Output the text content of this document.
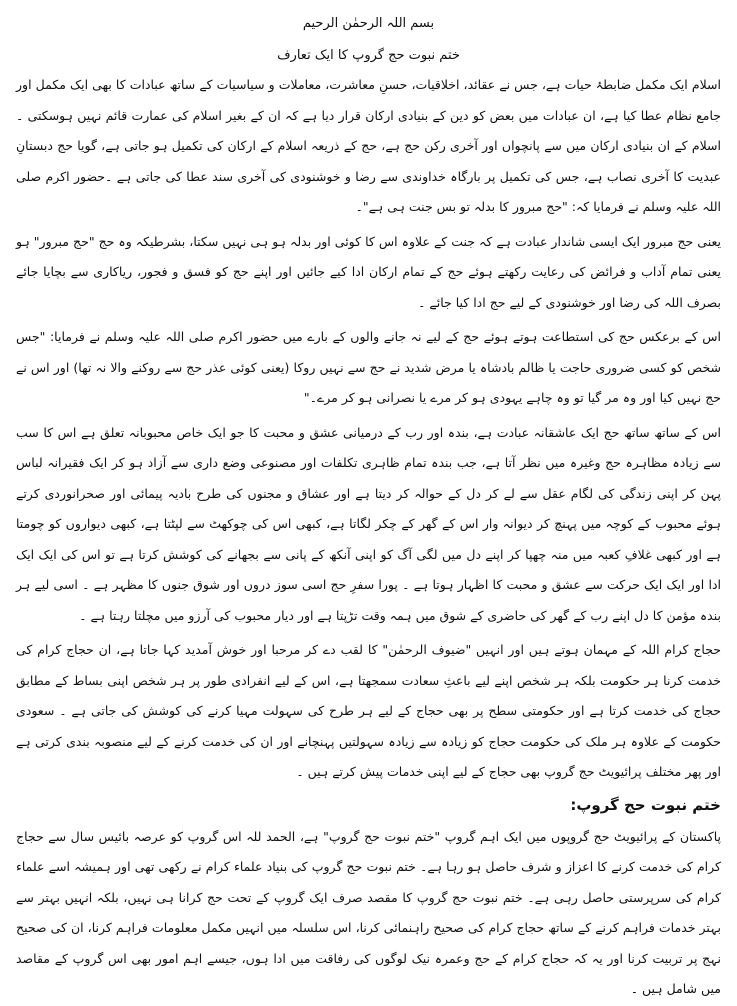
بسم اللہ الرحمٰن الرحیم
ختم نبوت حج گروپ کا ایک تعارف

اسلام ایک مکمل ضابطۂ حیات ہے، جس نے عقائد، اخلاقیات، حسنِ معاشرت، معاملات و سیاسیات کے ساتھ عبادات کا بھی ایک مکمل اور جامع نظام عطا کیا ہے، ان عبادات میں بعض کو دین کے بنیادی ارکان قرار دیا ہے کہ ان کے بغیر اسلام کی عمارت قائم نہیں ہوسکتی ۔ اسلام کے ان بنیادی ارکان میں سے پانچواں اور آخری رکن حج ہے، حج کے ذریعہ اسلام کے ارکان کی تکمیل ہو جاتی ہے، گویا حج دبستانِ عبدیت کا آخری نصاب ہے، جس کی تکمیل پر بارگاہ خداوندی سے رضا و خوشنودی کی آخری سند عطا کی جاتی ہے ۔حضور اکرم صلی اللہ علیہ وسلم نے فرمایا کہ: "حج مبرور کا بدلہ تو بس جنت ہی ہے"۔

یعنی حج مبرور ایک ایسی شاندار عبادت ہے کہ جنت کے علاوہ اس کا کوئی اور بدلہ ہو ہی نہیں سکتا، بشرطیکہ وہ حج "حج مبرور" ہو یعنی تمام آداب و فرائض کی رعایت رکھتے ہوئے حج کے تمام ارکان ادا کیے جائیں اور اپنے حج کو فسق و فجور، ریاکاری سے بچایا جائے بصرف اللہ کی رضا اور خوشنودی کے لیے حج ادا کیا جائے ۔

اس کے برعکس حج کی استطاعت ہوتے ہوئے حج کے لیے نہ جانے والوں کے بارے میں حضور اکرم صلی اللہ علیہ وسلم نے فرمایا: "جس شخص کو کسی ضروری حاجت یا ظالم بادشاہ یا مرض شدید نے حج سے نہیں روکا (یعنی کوئی عذر حج سے روکنے والا نہ تھا) اور اس نے حج نہیں کیا اور وہ مر گیا تو وہ چاہے یہودی ہو کر مرے یا نصرانی ہو کر مرے۔"

اس کے ساتھ ساتھ حج ایک عاشقانہ عبادت ہے، بندہ اور رب کے درمیانی عشق و محبت کا جو ایک خاص محبوبانہ تعلق ہے اس کا سب سے زیادہ مظاہرہ حج وغیرہ میں نظر آتا ہے، جب بندہ تمام ظاہری تکلفات اور مصنوعی وضع داری سے آزاد ہو کر ایک فقیرانہ لباس پہن کر اپنی زندگی کی لگام عقل سے لے کر دل کے حوالہ کر دیتا ہے اور عشاق و مجنوں کی طرح بادیہ پیمائی اور صحرانوردی کرتے ہوئے محبوب کے کوچہ میں پہنچ کر دیوانہ وار اس کے گھر کے چکر لگاتا ہے، کبھی اس کی چوکھٹ سے لپٹتا ہے، کبھی دیواروں کو چومتا ہے اور کبھی غلافِ کعبہ میں منہ چھپا کر اپنے دل میں لگی آگ کو اپنی آنکھ کے پانی سے بجھانے کی کوشش کرتا ہے تو اس کی ایک ایک ادا اور ایک ایک حرکت سے عشق و محبت کا اظہار ہوتا ہے ۔ پورا سفرِ حج اسی سوز دروں اور شوق جنوں کا مظہر ہے ۔ اسی لیے ہر بندہ مؤمن کا دل اپنے رب کے گھر کی حاضری کے شوق میں ہمہ وقت تڑپتا ہے اور دیار محبوب کی آرزو میں مچلتا رہتا ہے ۔

حجاج کرام اللہ کے مہمان ہوتے ہیں اور انہیں "ضیوف الرحمٰن" کا لقب دے کر مرحبا اور خوش آمدید کہا جاتا ہے، ان حجاج کرام کی خدمت کرنا ہر حکومت بلکہ ہر شخص اپنے لیے باعثِ سعادت سمجھتا ہے، اس کے لیے انفرادی طور پر ہر شخص اپنی بساط کے مطابق حجاج کی خدمت کرتا ہے اور حکومتی سطح پر بھی حجاج کے لیے ہر طرح کی سہولت مہیا کرنے کی کوشش کی جاتی ہے ۔ سعودی حکومت کے علاوہ ہر ملک کی حکومت حجاج کو زیادہ سے زیادہ سہولتیں پہنچانے اور ان کی خدمت کرنے کے لیے منصوبہ بندی کرتی ہے اور پھر مختلف پرائیویٹ حج گروپ بھی حجاج کے لیے اپنی خدمات پیش کرتے ہیں ۔

ختم نبوت حج گروپ:

پاکستان کے پرائیویٹ حج گروپوں میں ایک اہم گروپ "ختم نبوت حج گروپ" ہے، الحمد للہ اس گروپ کو عرصہ بائیس سال سے حجاج کرام کی خدمت کرنے کا اعزاز و شرف حاصل ہو رہا ہے۔ ختم نبوت حج گروپ کی بنیاد علماء کرام نے رکھی تھی اور ہمیشہ اسے علماء کرام کی سرپرستی حاصل رہی ہے۔ ختم نبوت حج گروپ کا مقصد صرف ایک گروپ کے تحت حج کرانا ہی نہیں، بلکہ انہیں بہتر سے بہتر خدمات فراہم کرنے کے ساتھ حجاج کرام کی صحیح راہنمائی کرنا، اس سلسلہ میں انہیں مکمل معلومات فراہم کرنا، ان کی صحیح نہج پر تربیت کرنا اور یہ کہ حجاج کرام کے حج وعمرہ نیک لوگوں کی رفاقت میں ادا ہوں، جیسے اہم امور بھی اس گروپ کے مقاصد میں شامل ہیں ۔
